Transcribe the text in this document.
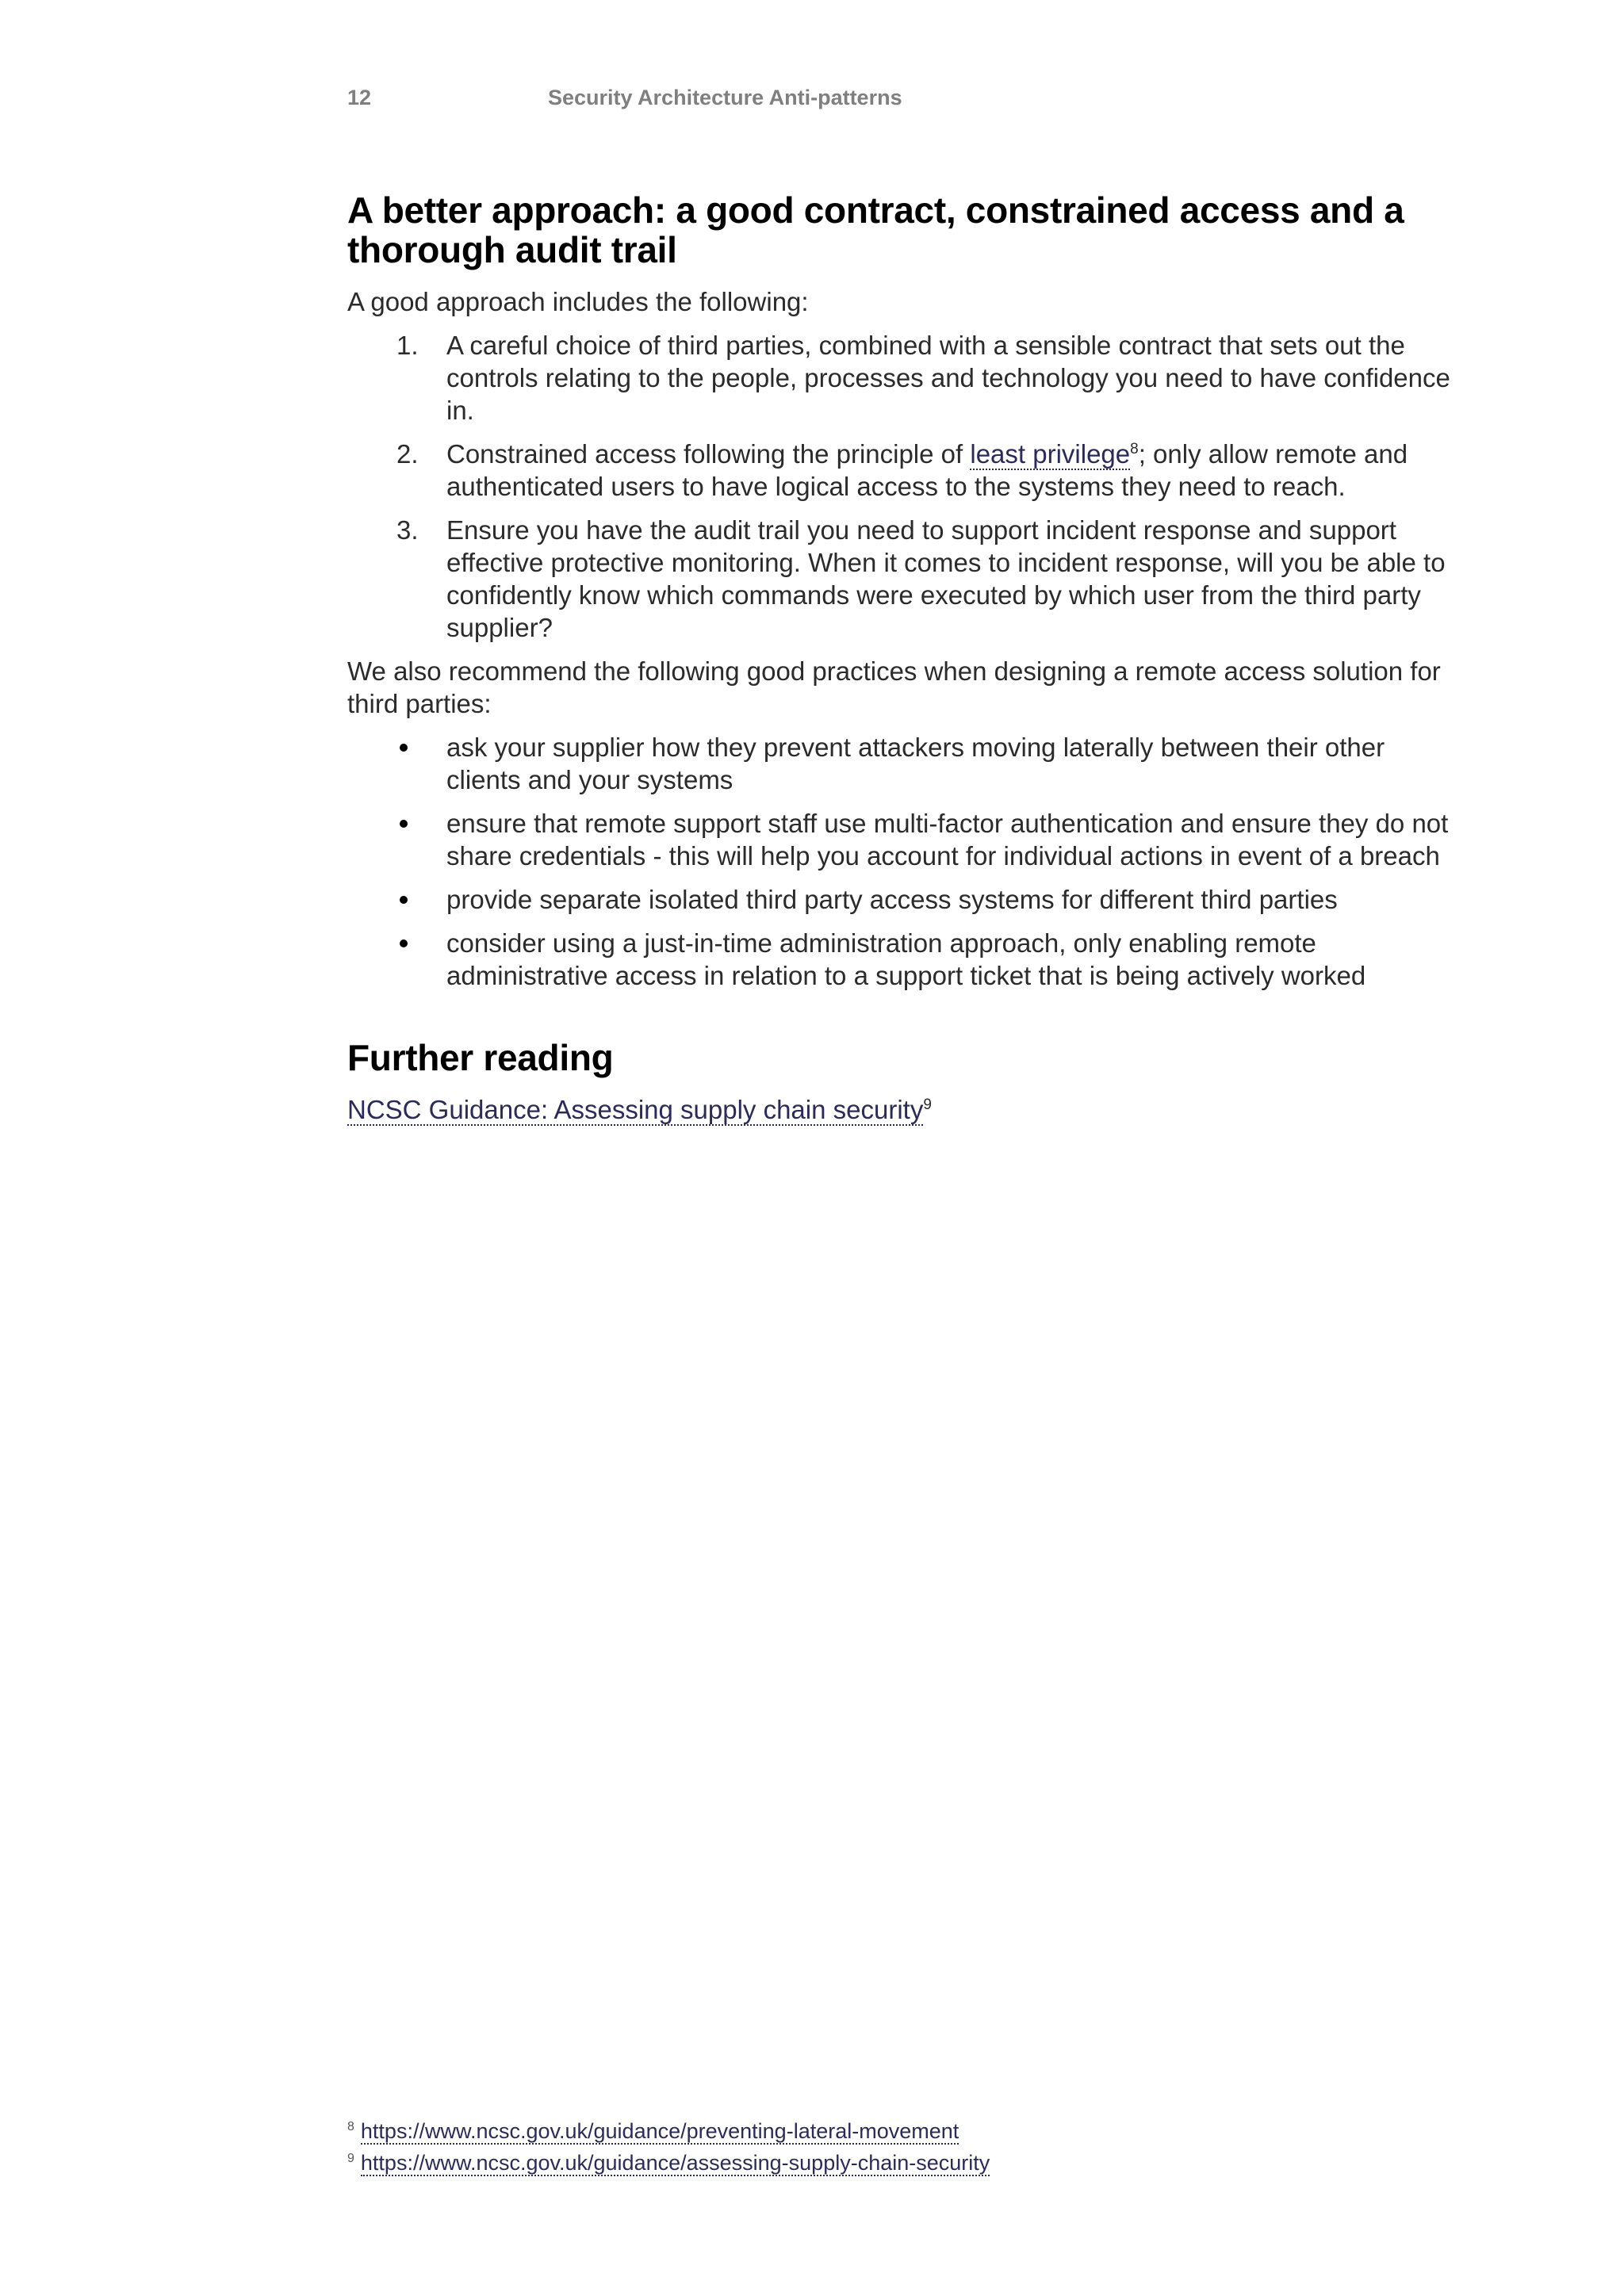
12	Security Architecture Anti-patterns
A better approach: a good contract, constrained access and a thorough audit trail

A good approach includes the following:

1. A careful choice of third parties, combined with a sensible contract that sets out the controls relating to the people, processes and technology you need to have confidence in.
2. Constrained access following the principle of least privilege$^8$; only allow remote and authenticated users to have logical access to the systems they need to reach.
3. Ensure you have the audit trail you need to support incident response and support effective protective monitoring. When it comes to incident response, will you be able to confidently know which commands were executed by which user from the third party supplier?

We also recommend the following good practices when designing a remote access solution for third parties:

ask your supplier how they prevent attackers moving laterally between their other clients and your systems
ensure that remote support staff use multi-factor authentication and ensure they do not share credentials - this will help you account for individual actions in event of a breach
provide separate isolated third party access systems for different third parties
consider using a just-in-time administration approach, only enabling remote administrative access in relation to a support ticket that is being actively worked
Further reading

NCSC Guidance: Assessing supply chain security$^9$

$^8$ https://www.ncsc.gov.uk/guidance/preventing-lateral-movement
$^9$ https://www.ncsc.gov.uk/guidance/assessing-supply-chain-security
